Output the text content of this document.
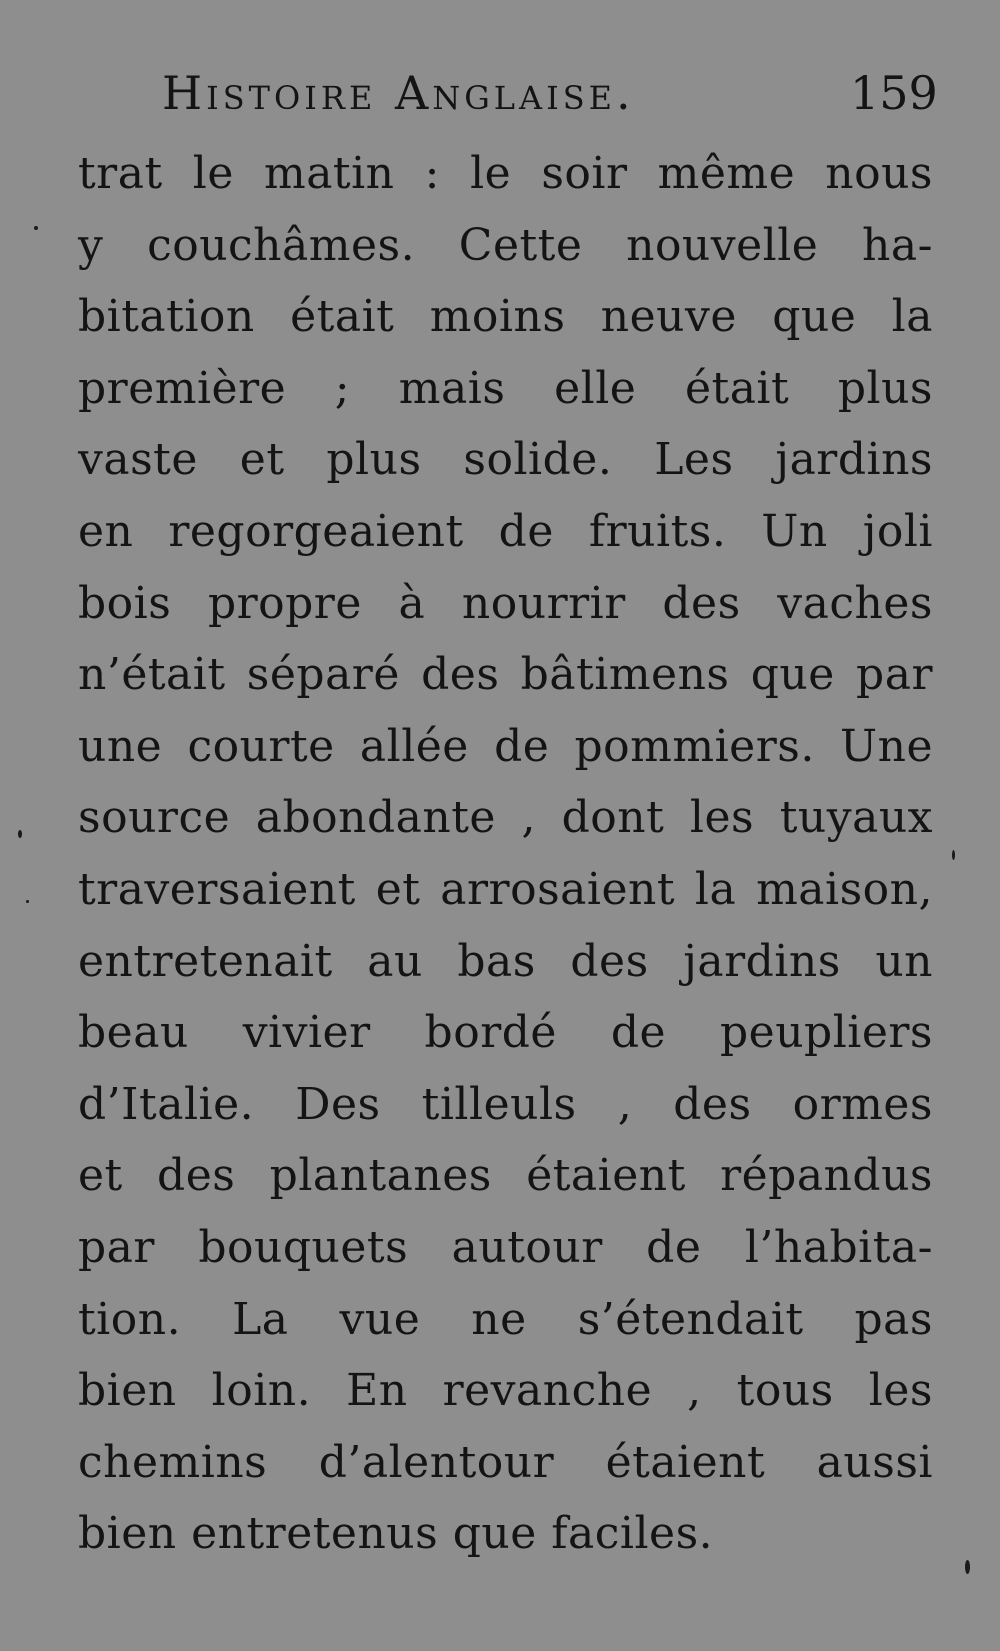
Histoire Anglaise.	159
trat le matin : le soir même nous
y couchâmes. Cette nouvelle ha-
bitation était moins neuve que la
première ; mais elle était plus
vaste et plus solide. Les jardins
en regorgeaient de fruits. Un joli
bois propre à nourrir des vaches
n’était séparé des bâtimens que par
une courte allée de pommiers. Une
source abondante , dont les tuyaux
traversaient et arrosaient la maison,
entretenait au bas des jardins un
beau vivier bordé de peupliers
d’Italie. Des tilleuls , des ormes
et des plantanes étaient répandus
par bouquets autour de l’habita-
tion. La vue ne s’étendait pas
bien loin. En revanche , tous les
chemins d’alentour étaient aussi
bien entretenus que faciles.
